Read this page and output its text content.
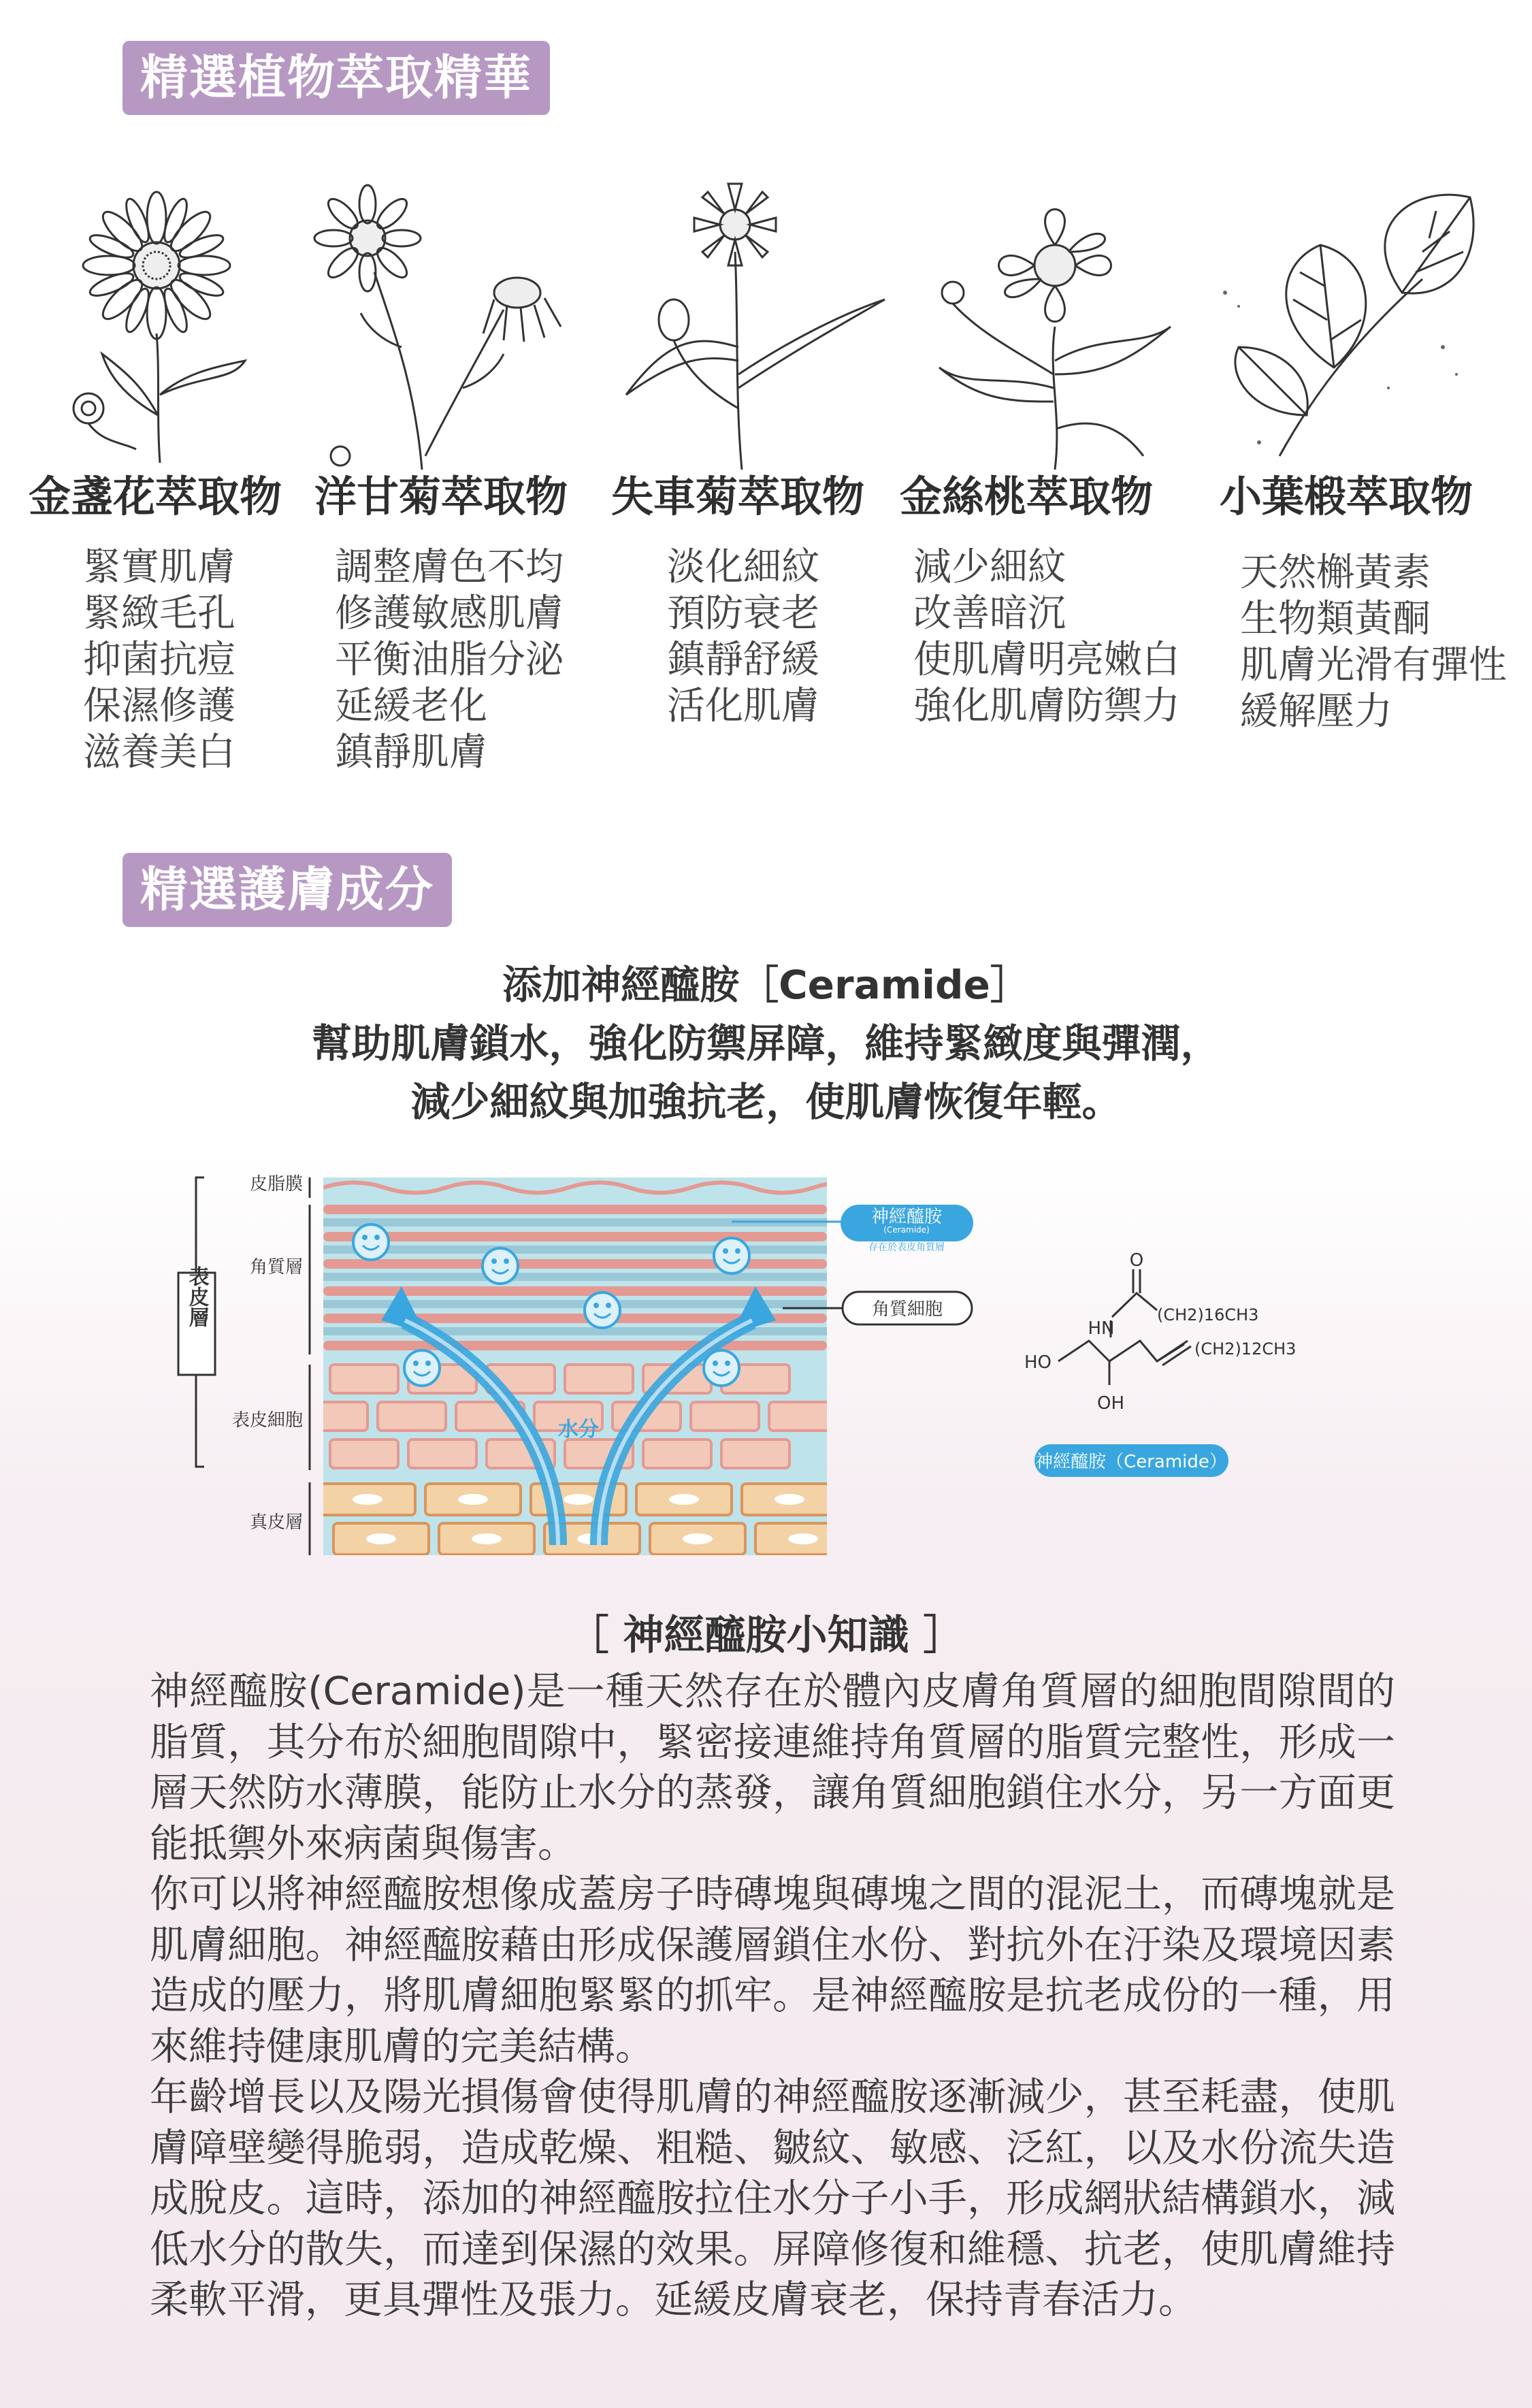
精選植物萃取精華
金盞花萃取物 洋甘菊萃取物 失車菊萃取物 金絲桃萃取物 小葉椴萃取物
緊實肌膚
緊緻毛孔
抑菌抗痘
保濕修護
滋養美白
調整膚色不均
修護敏感肌膚
平衡油脂分泌
延緩老化
鎮靜肌膚
淡化細紋
預防衰老
鎮靜舒緩
活化肌膚
減少細紋
改善暗沉
使肌膚明亮嫩白
強化肌膚防禦力
天然槲黃素
生物類黃酮
肌膚光滑有彈性
緩解壓力
精選護膚成分
添加神經醯胺［Ceramide］
幫助肌膚鎖水，強化防禦屏障，維持緊緻度與彈潤，
減少細紋與加強抗老，使肌膚恢復年輕。
表皮層
水分
皮脂膜
角質層
表皮細胞
真皮層
神經醯胺
(Ceramide)
存在於表皮角質層
角質細胞
O
HN
(CH2)16CH3
HO
(CH2)12CH3
OH
神經醯胺（Ceramide）
［ 神經醯胺小知識 ］
神經醯胺(Ceramide)是一種天然存在於體內皮膚角質層的細胞間隙間的脂質，其分布於細胞間隙中，緊密接連維持角質層的脂質完整性，形成一層天然防水薄膜，能防止水分的蒸發，讓角質細胞鎖住水分，另一方面更能抵禦外來病菌與傷害。
你可以將神經醯胺想像成蓋房子時磚塊與磚塊之間的混泥土，而磚塊就是肌膚細胞。神經醯胺藉由形成保護層鎖住水份、對抗外在汙染及環境因素造成的壓力，將肌膚細胞緊緊的抓牢。是神經醯胺是抗老成份的一種，用來維持健康肌膚的完美結構。
年齡增長以及陽光損傷會使得肌膚的神經醯胺逐漸減少，甚至耗盡，使肌膚障壁變得脆弱，造成乾燥、粗糙、皺紋、敏感、泛紅，以及水份流失造成脫皮。這時，添加的神經醯胺拉住水分子小手，形成網狀結構鎖水，減低水分的散失，而達到保濕的效果。屏障修復和維穩、抗老，使肌膚維持柔軟平滑，更具彈性及張力。延緩皮膚衰老，保持青春活力。
